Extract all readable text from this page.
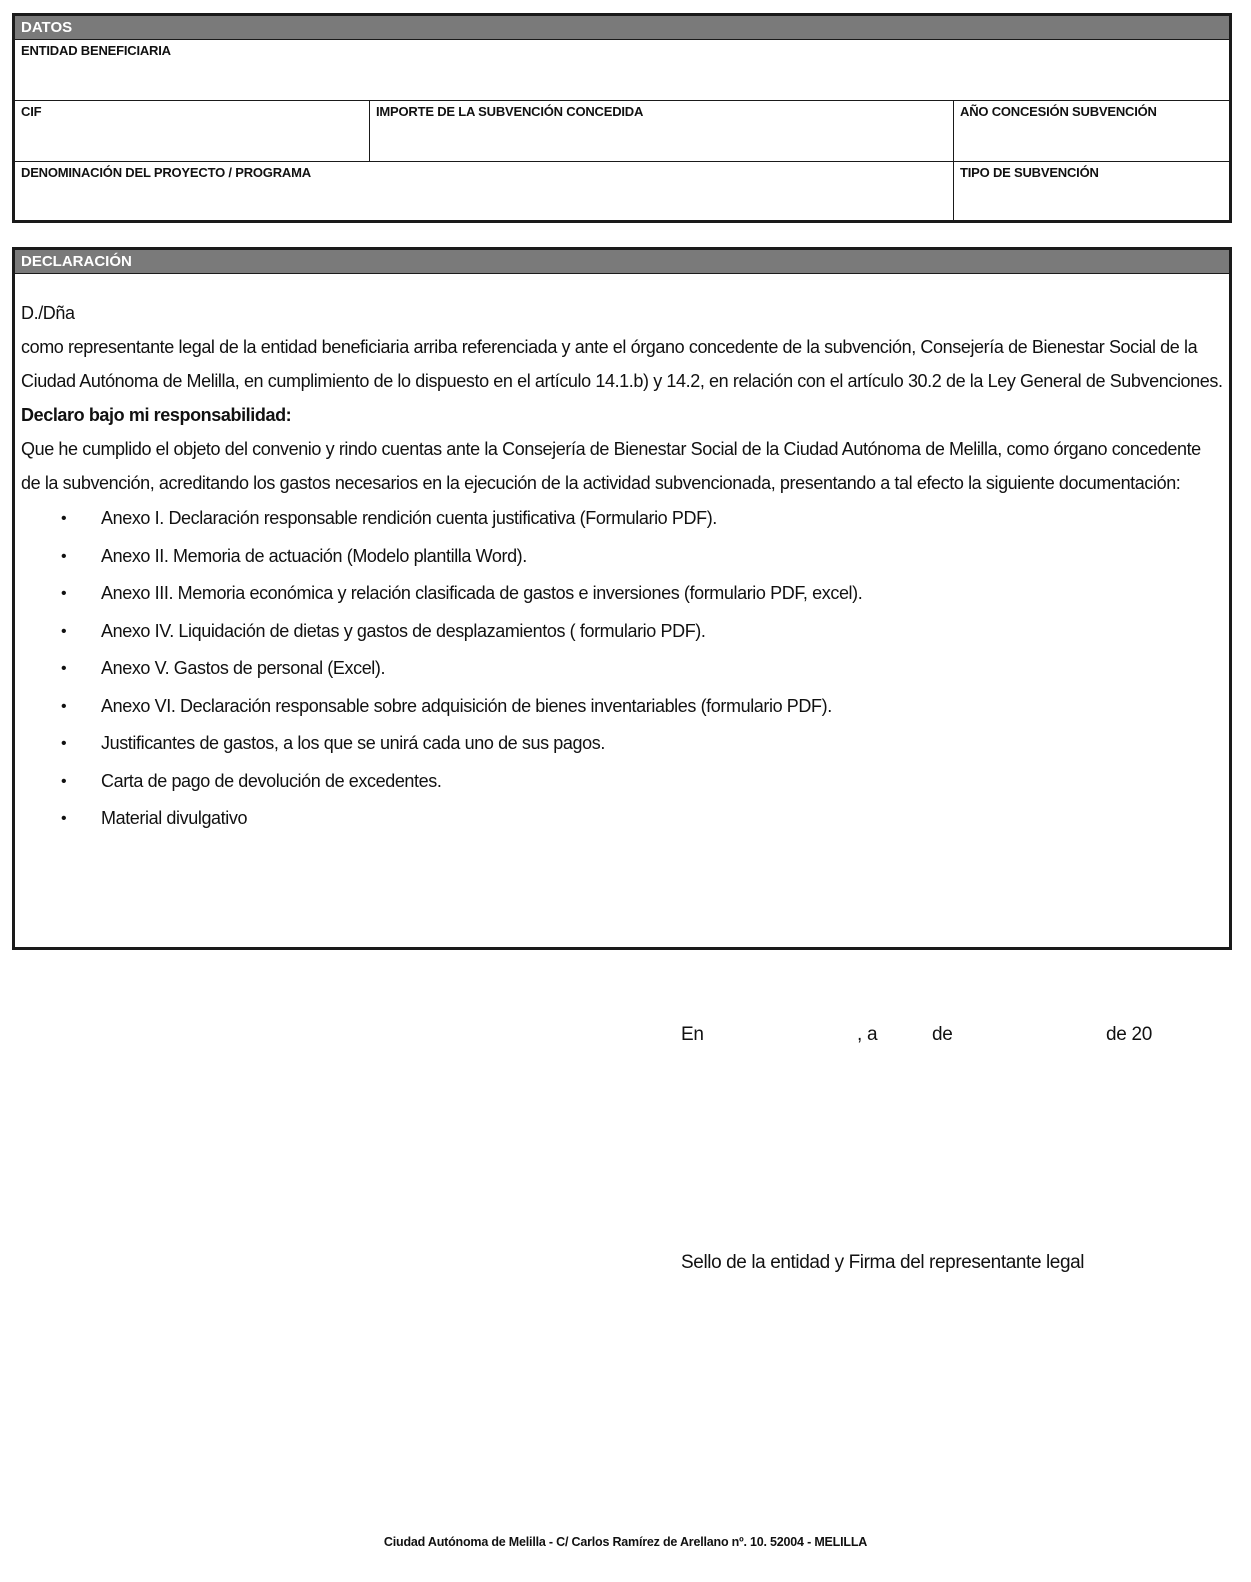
DATOS
ENTIDAD BENEFICIARIA
CIF	IMPORTE DE LA SUBVENCIÓN CONCEDIDA	AÑO CONCESIÓN SUBVENCIÓN
DENOMINACIÓN DEL PROYECTO / PROGRAMA	TIPO DE SUBVENCIÓN
DECLARACIÓN

D./Dña

como representante legal de la entidad beneficiaria arriba referenciada y ante el órgano concedente de la subvención, Consejería de Bienestar Social de la Ciudad Autónoma de Melilla, en cumplimiento de lo dispuesto en el artículo 14.1.b) y 14.2, en relación con el artículo 30.2 de la Ley General de Subvenciones.

Declaro bajo mi responsabilidad:

Que he cumplido el objeto del convenio y rindo cuentas ante la Consejería de Bienestar Social de la Ciudad Autónoma de Melilla, como órgano concedente de la subvención, acreditando los gastos necesarios en la ejecución de la actividad subvencionada, presentando a tal efecto la siguiente documentación:

• Anexo I. Declaración responsable rendición cuenta justificativa (Formulario PDF).
• Anexo II. Memoria de actuación (Modelo plantilla Word).
• Anexo III. Memoria económica y relación clasificada de gastos e inversiones (formulario PDF, excel).
• Anexo IV. Liquidación de dietas y gastos de desplazamientos ( formulario PDF).
• Anexo V. Gastos de personal (Excel).
• Anexo VI. Declaración responsable sobre adquisición de bienes inventariables (formulario PDF).
• Justificantes de gastos, a los que se unirá cada uno de sus pagos.
• Carta de pago de devolución de excedentes.
• Material divulgativo
En	, a	de	de 20
Sello de la entidad y Firma del representante legal
Ciudad Autónoma de Melilla - C/ Carlos Ramírez de Arellano nº. 10. 52004 - MELILLA
